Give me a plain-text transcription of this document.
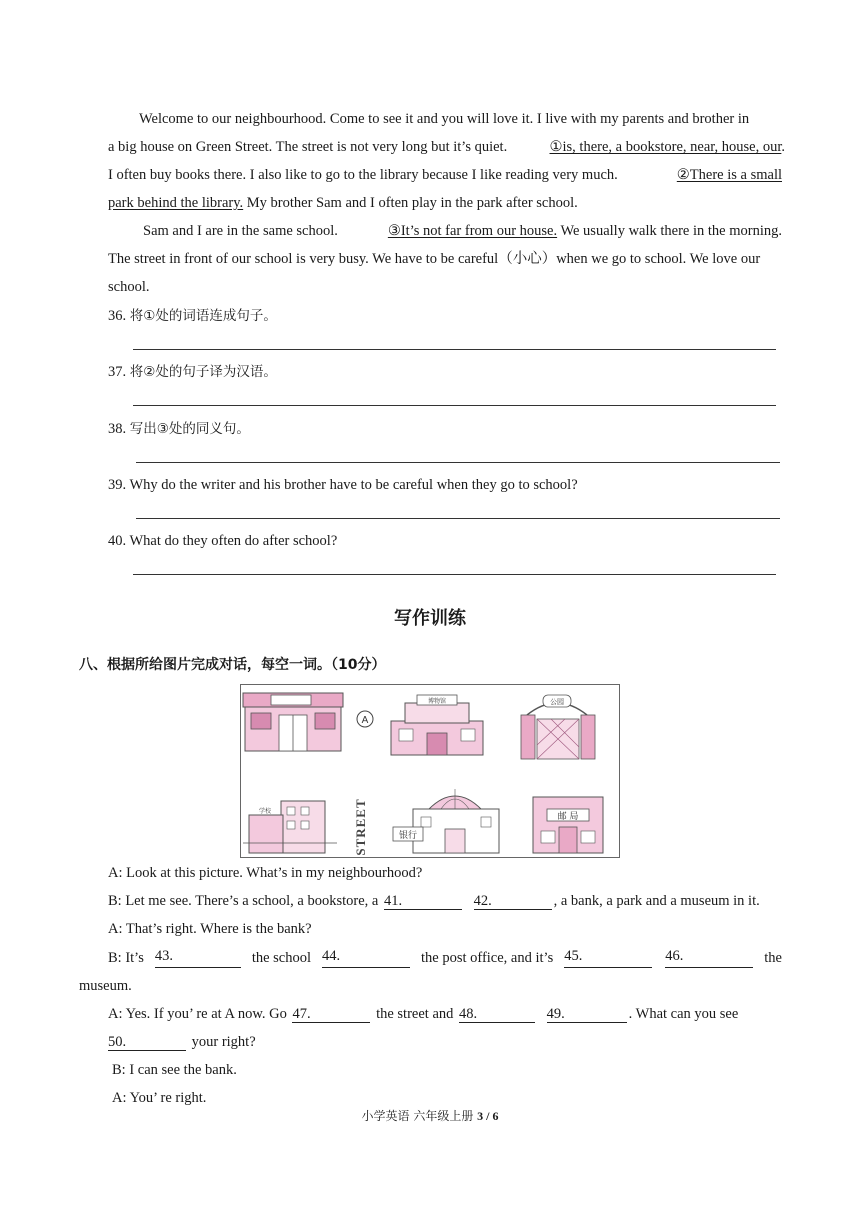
Welcome to our neighbourhood. Come to see it and you will love it. I live with my parents and brother in
a big house on Green Street. The street is not very long but it’s quiet.	①is, there, a bookstore, near, house, our.
I often buy books there. I also like to go to the library because I like reading very much.	②There is a small
park behind the library. My brother Sam and I often play in the park after school.
Sam and I are in the same school.	③It’s not far from our house. We usually walk there in the morning.
The street in front of our school is very busy. We have to be careful（小心）when we go to school. We love our
school.
36. 将①处的词语连成句子。
37. 将②处的句子译为汉语。
38. 写出③处的同义句。
39. Why do the writer and his brother have to be careful when they go to school?
40. What do they often do after school?
写作训练
八、根据所给图片完成对话，每空一词。（10分）
A
博物馆	公园
学校	STREET	银行
邮 局
A: Look at this picture. What’s in my neighbourhood?
B: Let me see. There’s a school, a bookstore, a 41.	42.	, a bank, a park and a museum in it.
A: That’s right. Where is the bank?
B: It’s 43.	the school 44.	the post office, and it’s 45.	46.	the
museum.
A: Yes. If you’ re at A now. Go 47.	the street and 48.	49.	. What can you see
50.	your right?
B: I can see the bank.
A: You’ re right.
小学英语 六年级上册 3 / 6
